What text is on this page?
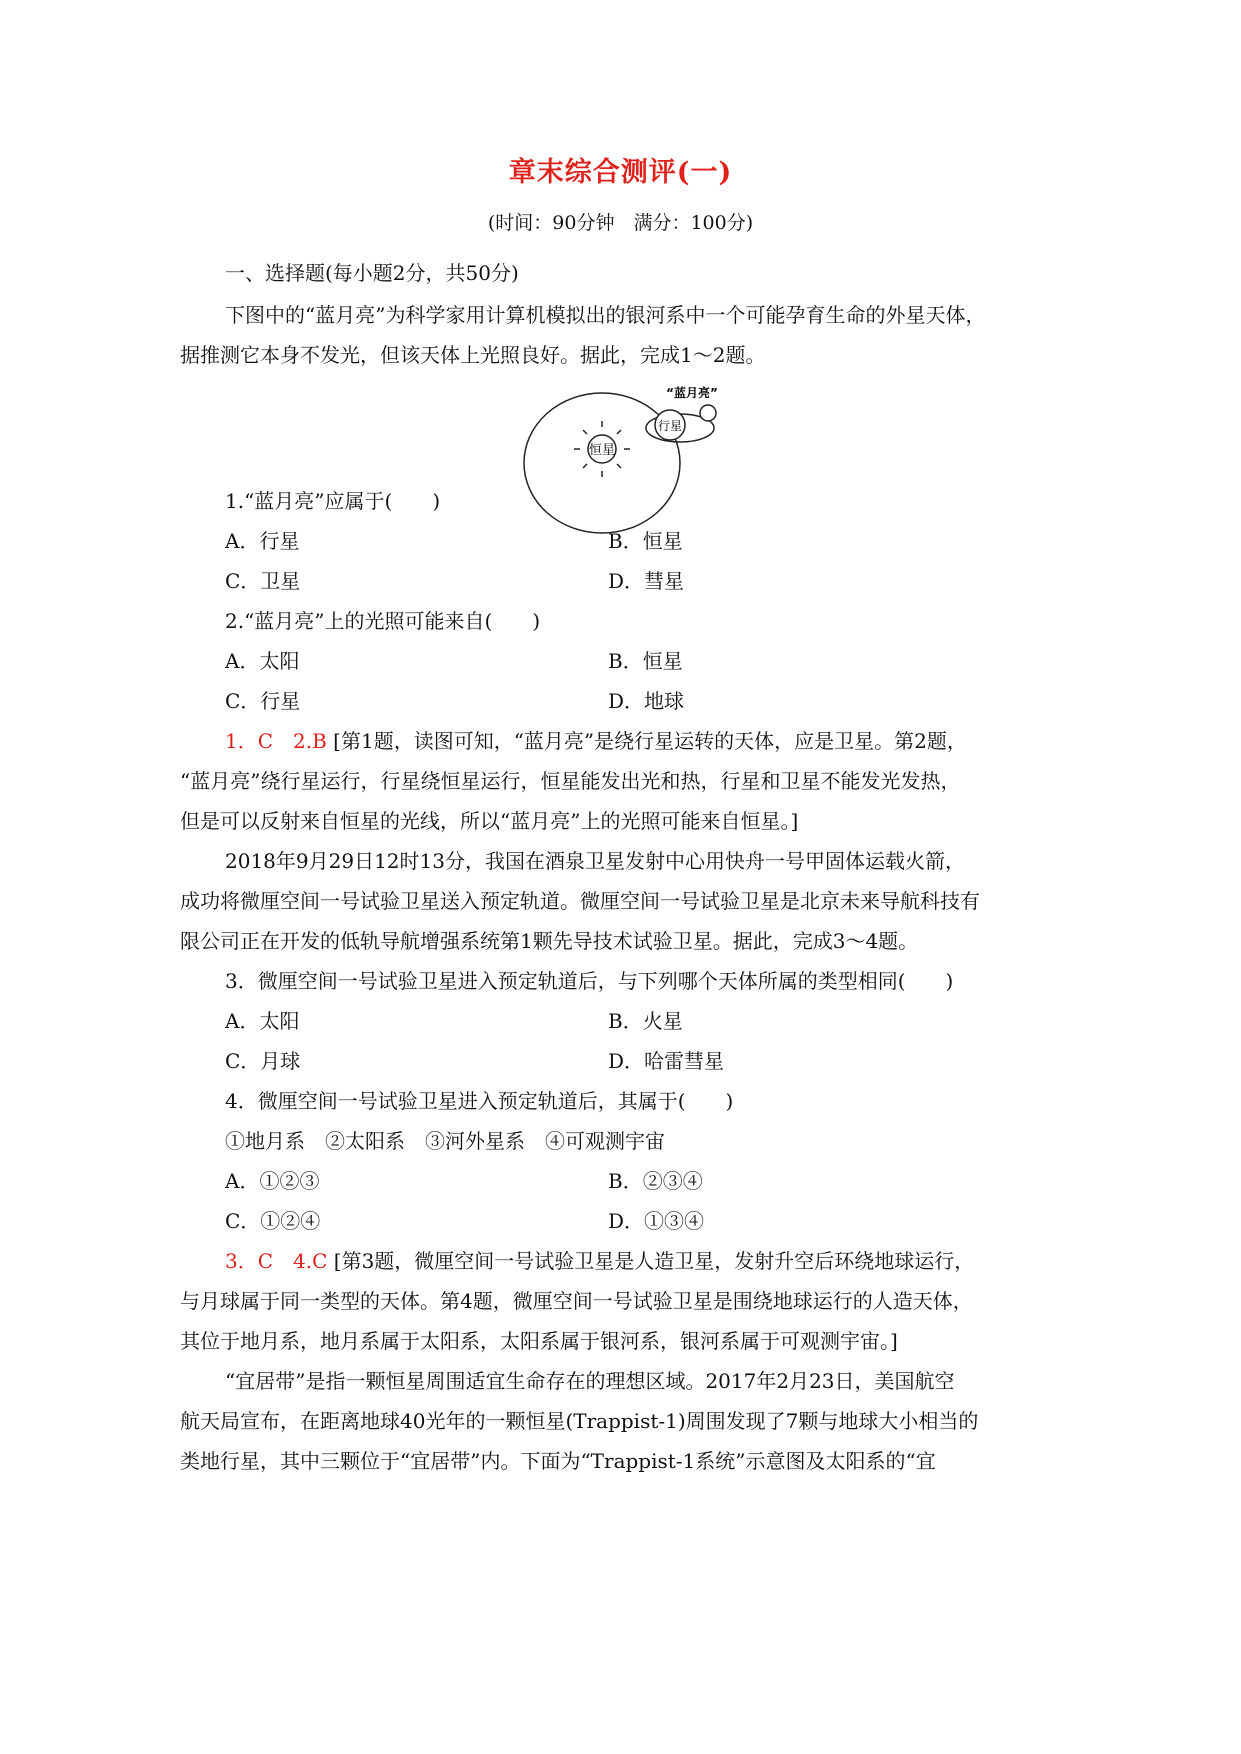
章末综合测评(一)
(时间：90分钟　满分：100分)
一、选择题(每小题2分，共50分)
下图中的“蓝月亮”为科学家用计算机模拟出的银河系中一个可能孕育生命的外星天体，
据推测它本身不发光，但该天体上光照良好。据此，完成1～2题。
恒星
行星
“蓝月亮”
1.“蓝月亮”应属于(　　)
A．行星	B．恒星
C．卫星	D．彗星
2.“蓝月亮”上的光照可能来自(　　)
A．太阳	B．恒星
C．行星	D．地球
1．C　2.B [第1题，读图可知，“蓝月亮”是绕行星运转的天体，应是卫星。第2题，
“蓝月亮”绕行星运行，行星绕恒星运行，恒星能发出光和热，行星和卫星不能发光发热，
但是可以反射来自恒星的光线，所以“蓝月亮”上的光照可能来自恒星。]
2018年9月29日12时13分，我国在酒泉卫星发射中心用快舟一号甲固体运载火箭，
成功将微厘空间一号试验卫星送入预定轨道。微厘空间一号试验卫星是北京未来导航科技有
限公司正在开发的低轨导航增强系统第1颗先导技术试验卫星。据此，完成3～4题。
3．微厘空间一号试验卫星进入预定轨道后，与下列哪个天体所属的类型相同(　　)
A．太阳	B．火星
C．月球	D．哈雷彗星
4．微厘空间一号试验卫星进入预定轨道后，其属于(　　)
①地月系　②太阳系　③河外星系　④可观测宇宙
A．①②③	B．②③④
C．①②④	D．①③④
3．C　4.C [第3题，微厘空间一号试验卫星是人造卫星，发射升空后环绕地球运行，
与月球属于同一类型的天体。第4题，微厘空间一号试验卫星是围绕地球运行的人造天体，
其位于地月系，地月系属于太阳系，太阳系属于银河系，银河系属于可观测宇宙。]
“宜居带”是指一颗恒星周围适宜生命存在的理想区域。2017年2月23日，美国航空
航天局宣布，在距离地球40光年的一颗恒星(Trappist-1)周围发现了7颗与地球大小相当的
类地行星，其中三颗位于“宜居带”内。下面为“Trappist-1系统”示意图及太阳系的“宜
